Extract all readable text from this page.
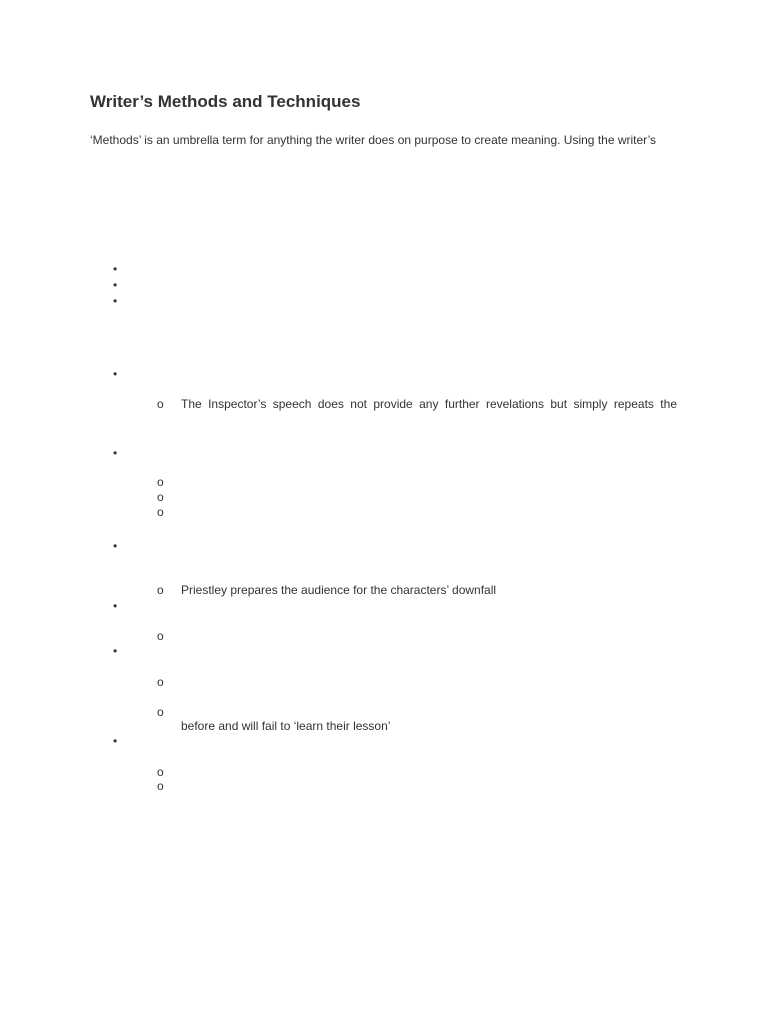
Writer’s Methods and Techniques
‘Methods’ is an umbrella term for anything the writer does on purpose to create meaning. Using the writer’s
•
•
•
•
o The Inspector’s speech does not provide any further revelations but simply repeats the
•
o
o
o
•
o Priestley prepares the audience for the characters’ downfall
•
o
•
o
o
before and will fail to ‘learn their lesson’
•
o
o
